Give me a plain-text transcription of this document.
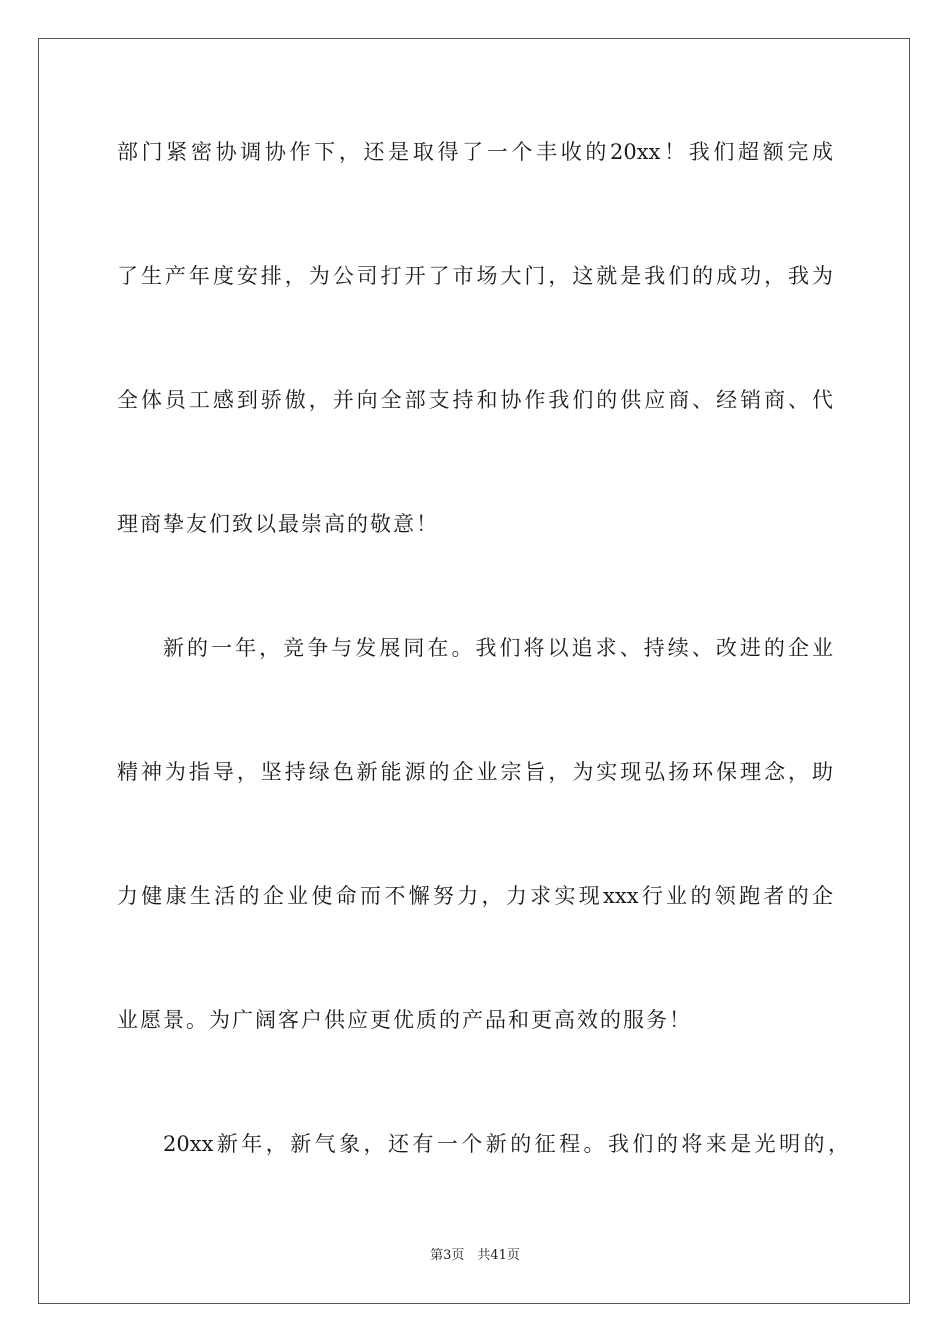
部门紧密协调协作下，还是取得了一个丰收的20xx！我们超额完成
了生产年度安排，为公司打开了市场大门，这就是我们的成功，我为
全体员工感到骄傲，并向全部支持和协作我们的供应商、经销商、代
理商挚友们致以最崇高的敬意！
新的一年，竞争与发展同在。我们将以追求、持续、改进的企业
精神为指导，坚持绿色新能源的企业宗旨，为实现弘扬环保理念，助
力健康生活的企业使命而不懈努力，力求实现xxx行业的领跑者的企
业愿景。为广阔客户供应更优质的产品和更高效的服务！
20xx新年，新气象，还有一个新的征程。我们的将来是光明的，
第3页　共41页
